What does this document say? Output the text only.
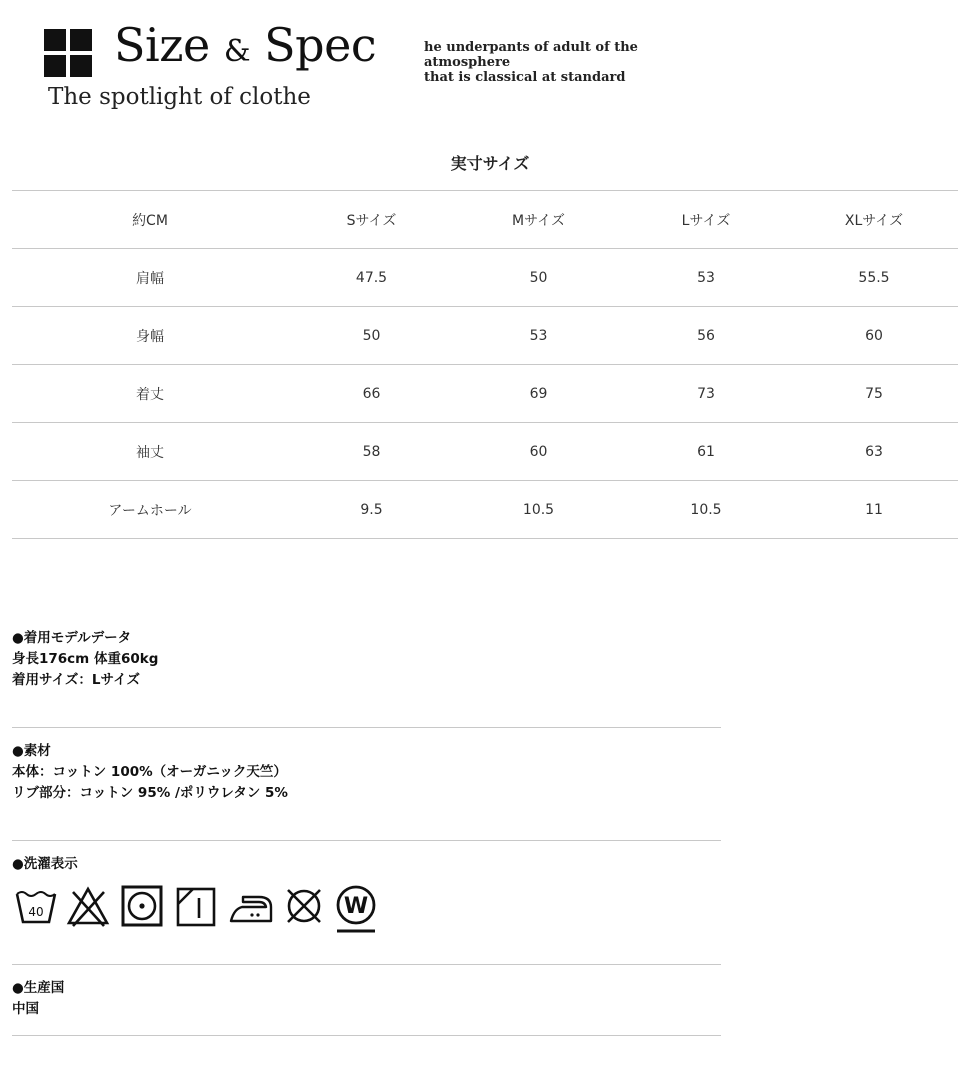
Size & Spec
The spotlight of clothe
he underpants of adult of the atmosphere
that is classical at standard
実寸サイズ
約CM	Sサイズ	Mサイズ	Lサイズ	XLサイズ
肩幅	47.5	50	53	55.5
身幅	50	53	56	60
着丈	66	69	73	75
袖丈	58	60	61	63
アームホール	9.5	10.5	10.5	11

●着用モデルデータ

身長176cm 体重60kg

着用サイズ：Lサイズ

●素材

本体：コットン 100%（オーガニック天竺）

リブ部分：コットン 95% /ポリウレタン 5%

●洗濯表示

40	W

●生産国

中国
